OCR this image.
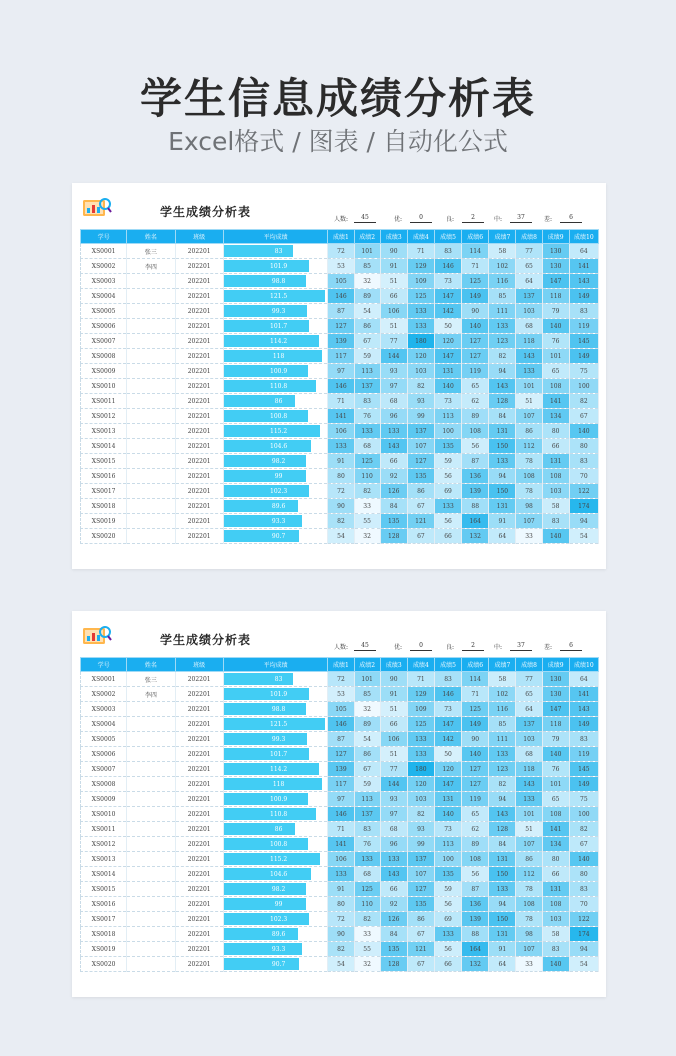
学生信息成绩分析表
Excel格式 / 图表 / 自动化公式
学生成绩分析表
人数:	45	优:	0	良:	2	中:	37	差:	6
学号	姓名	班级	平均成绩	成绩1	成绩2	成绩3	成绩4	成绩5	成绩6	成绩7	成绩8	成绩9	成绩10
XS0001	张三	202201	83	72	101	90	71	83	114	58	77	130	64
XS0002	李四	202201	101.9	53	85	91	129	146	71	102	65	130	141
XS0003		202201	98.8	105	32	51	109	73	125	116	64	147	143
XS0004		202201	121.5	146	89	66	125	147	149	85	137	118	149
XS0005		202201	99.3	87	54	106	133	142	90	111	103	79	83
XS0006		202201	101.7	127	86	51	133	50	140	133	68	140	119
XS0007		202201	114.2	139	67	77	180	120	127	123	118	76	145
XS0008		202201	118	117	59	144	120	147	127	82	143	101	149
XS0009		202201	100.9	97	113	93	103	131	119	94	133	65	75
XS0010		202201	110.8	146	137	97	82	140	65	143	101	108	100
XS0011		202201	86	71	83	68	93	73	62	128	51	141	82
XS0012		202201	100.8	141	76	96	99	113	89	84	107	134	67
XS0013		202201	115.2	106	133	133	137	100	108	131	86	80	140
XS0014		202201	104.6	133	68	143	107	135	56	150	112	66	80
XS0015		202201	98.2	91	125	66	127	59	87	133	78	131	83
XS0016		202201	99	80	110	92	135	56	136	94	108	108	70
XS0017		202201	102.3	72	82	126	86	69	139	150	78	103	122
XS0018		202201	89.6	90	33	84	67	133	88	131	98	58	174
XS0019		202201	93.3	82	55	135	121	56	164	91	107	83	94
XS0020		202201	90.7	54	32	128	67	66	132	64	33	140	54
学生成绩分析表
人数:	45	优:	0	良:	2	中:	37	差:	6
学号	姓名	班级	平均成绩	成绩1	成绩2	成绩3	成绩4	成绩5	成绩6	成绩7	成绩8	成绩9	成绩10
XS0001	张三	202201	83	72	101	90	71	83	114	58	77	130	64
XS0002	李四	202201	101.9	53	85	91	129	146	71	102	65	130	141
XS0003		202201	98.8	105	32	51	109	73	125	116	64	147	143
XS0004		202201	121.5	146	89	66	125	147	149	85	137	118	149
XS0005		202201	99.3	87	54	106	133	142	90	111	103	79	83
XS0006		202201	101.7	127	86	51	133	50	140	133	68	140	119
XS0007		202201	114.2	139	67	77	180	120	127	123	118	76	145
XS0008		202201	118	117	59	144	120	147	127	82	143	101	149
XS0009		202201	100.9	97	113	93	103	131	119	94	133	65	75
XS0010		202201	110.8	146	137	97	82	140	65	143	101	108	100
XS0011		202201	86	71	83	68	93	73	62	128	51	141	82
XS0012		202201	100.8	141	76	96	99	113	89	84	107	134	67
XS0013		202201	115.2	106	133	133	137	100	108	131	86	80	140
XS0014		202201	104.6	133	68	143	107	135	56	150	112	66	80
XS0015		202201	98.2	91	125	66	127	59	87	133	78	131	83
XS0016		202201	99	80	110	92	135	56	136	94	108	108	70
XS0017		202201	102.3	72	82	126	86	69	139	150	78	103	122
XS0018		202201	89.6	90	33	84	67	133	88	131	98	58	174
XS0019		202201	93.3	82	55	135	121	56	164	91	107	83	94
XS0020		202201	90.7	54	32	128	67	66	132	64	33	140	54
